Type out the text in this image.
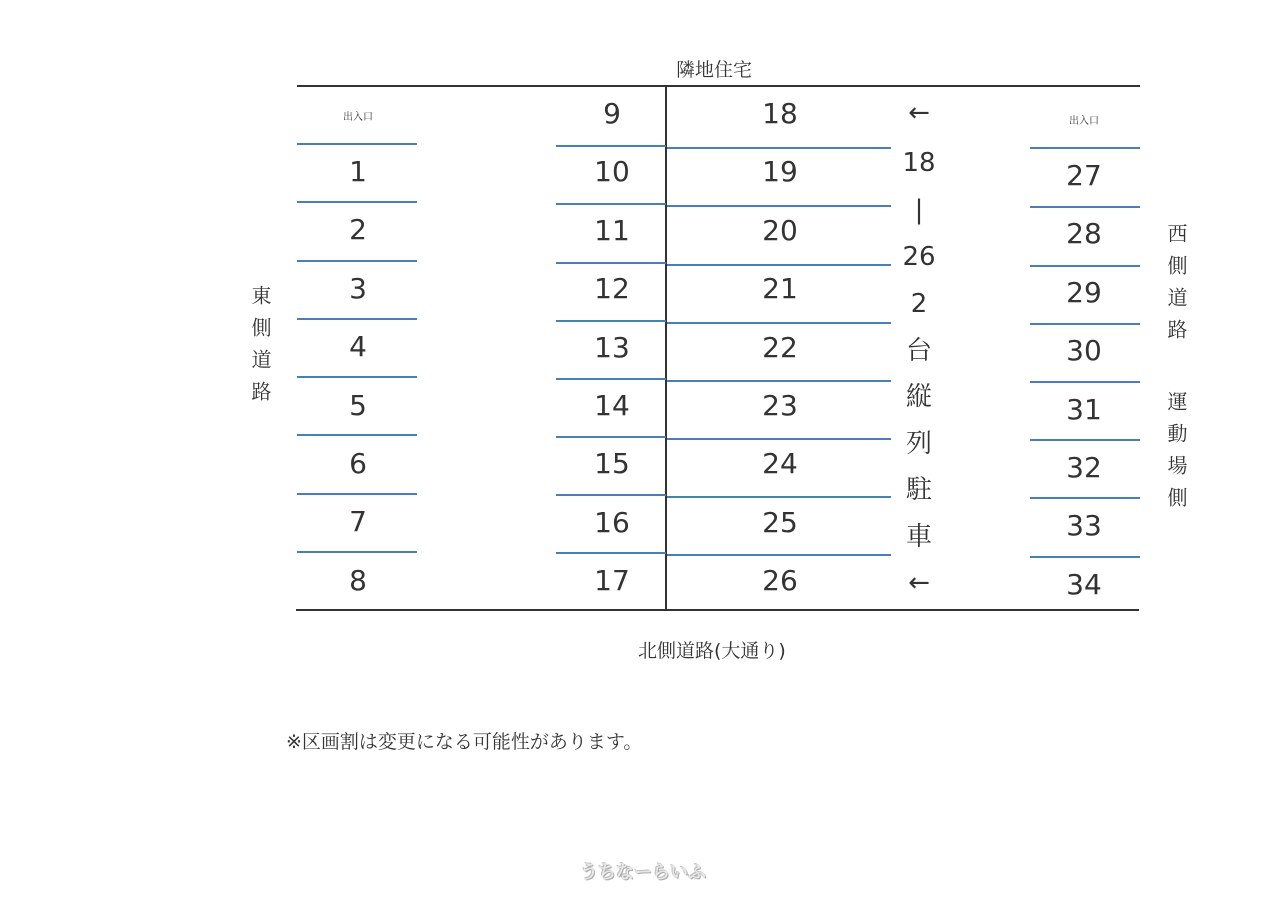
隣地住宅
北側道路(大通り)
東側道路	西側道路
運動場側
出入口	出入口
1
2
3
4
5
6
7
8
9
10
11
12
13
14
15
16
17
18
19
20
21
22
23
24
25
26
27
28
29
30
31
32
33
34
←
18
|
26
2
台
縦
列
駐
車
←
※区画割は変更になる可能性があります。
うちなーらいふ
